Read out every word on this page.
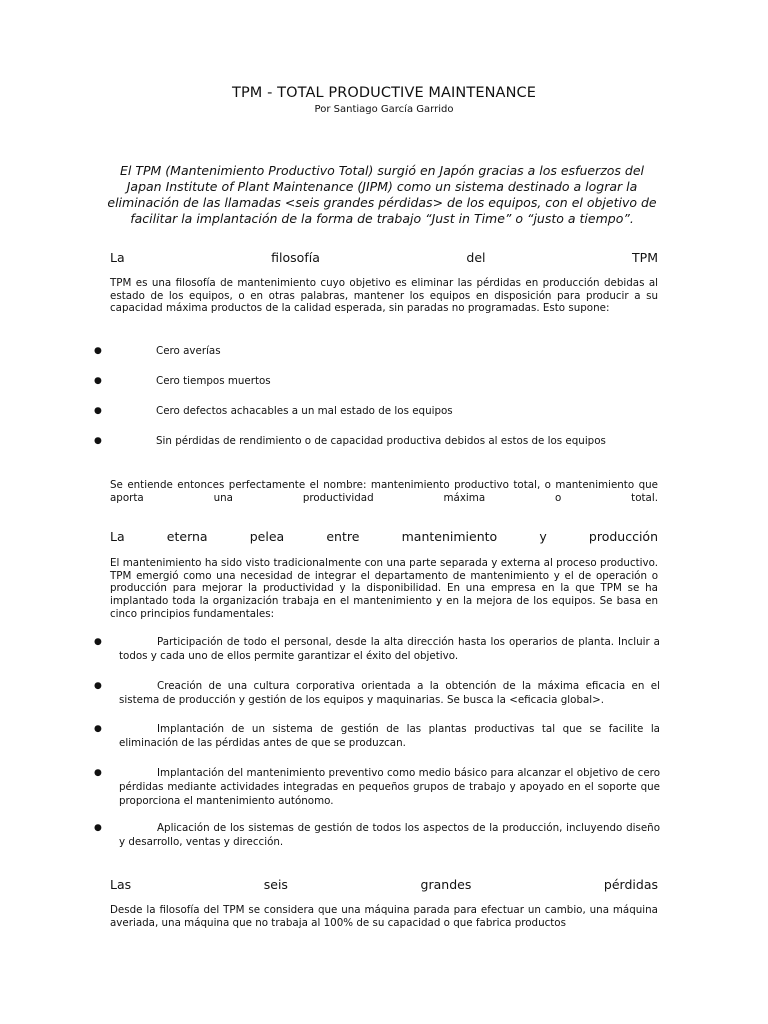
TPM - TOTAL PRODUCTIVE MAINTENANCE
Por Santiago García Garrido
El TPM (Mantenimiento Productivo Total) surgió en Japón gracias a los esfuerzos del Japan Institute of Plant Maintenance (JIPM) como un sistema destinado a lograr la eliminación de las llamadas <seis grandes pérdidas> de los equipos, con el objetivo de facilitar la implantación de la forma de trabajo “Just in Time” o “justo a tiempo”.
La filosofía del TPM
TPM es una filosofía de mantenimiento cuyo objetivo es eliminar las pérdidas en producción debidas al estado de los equipos, o en otras palabras, mantener los equipos en disposición para producir a su capacidad máxima productos de la calidad esperada, sin paradas no programadas. Esto supone:
●	Cero averías
●	Cero tiempos muertos
●	Cero defectos achacables a un mal estado de los equipos
●	Sin pérdidas de rendimiento o de capacidad productiva debidos al estos de los equipos
Se entiende entonces perfectamente el nombre: mantenimiento productivo total, o mantenimiento que aporta una productividad máxima o total.
La eterna pelea entre mantenimiento y producción
El mantenimiento ha sido visto tradicionalmente con una parte separada y externa al proceso productivo. TPM emergió como una necesidad de integrar el departamento de mantenimiento y el de operación o producción para mejorar la productividad y la disponibilidad. En una empresa en la que TPM se ha implantado toda la organización trabaja en el mantenimiento y en la mejora de los equipos. Se basa en cinco principios fundamentales:
●	Participación de todo el personal, desde la alta dirección hasta los operarios de planta. Incluir a todos y cada uno de ellos permite garantizar el éxito del objetivo.
●	Creación de una cultura corporativa orientada a la obtención de la máxima eficacia en el sistema de producción y gestión de los equipos y maquinarias. Se busca la <eficacia global>.
●	Implantación de un sistema de gestión de las plantas productivas tal que se facilite la eliminación de las pérdidas antes de que se produzcan.
●	Implantación del mantenimiento preventivo como medio básico para alcanzar el objetivo de cero pérdidas mediante actividades integradas en pequeños grupos de trabajo y apoyado en el soporte que proporciona el mantenimiento autónomo.
●	Aplicación de los sistemas de gestión de todos los aspectos de la producción, incluyendo diseño y desarrollo, ventas y dirección.
Las seis grandes pérdidas
Desde la filosofía del TPM se considera que una máquina parada para efectuar un cambio, una máquina averiada, una máquina que no trabaja al 100% de su capacidad o que fabrica productos
